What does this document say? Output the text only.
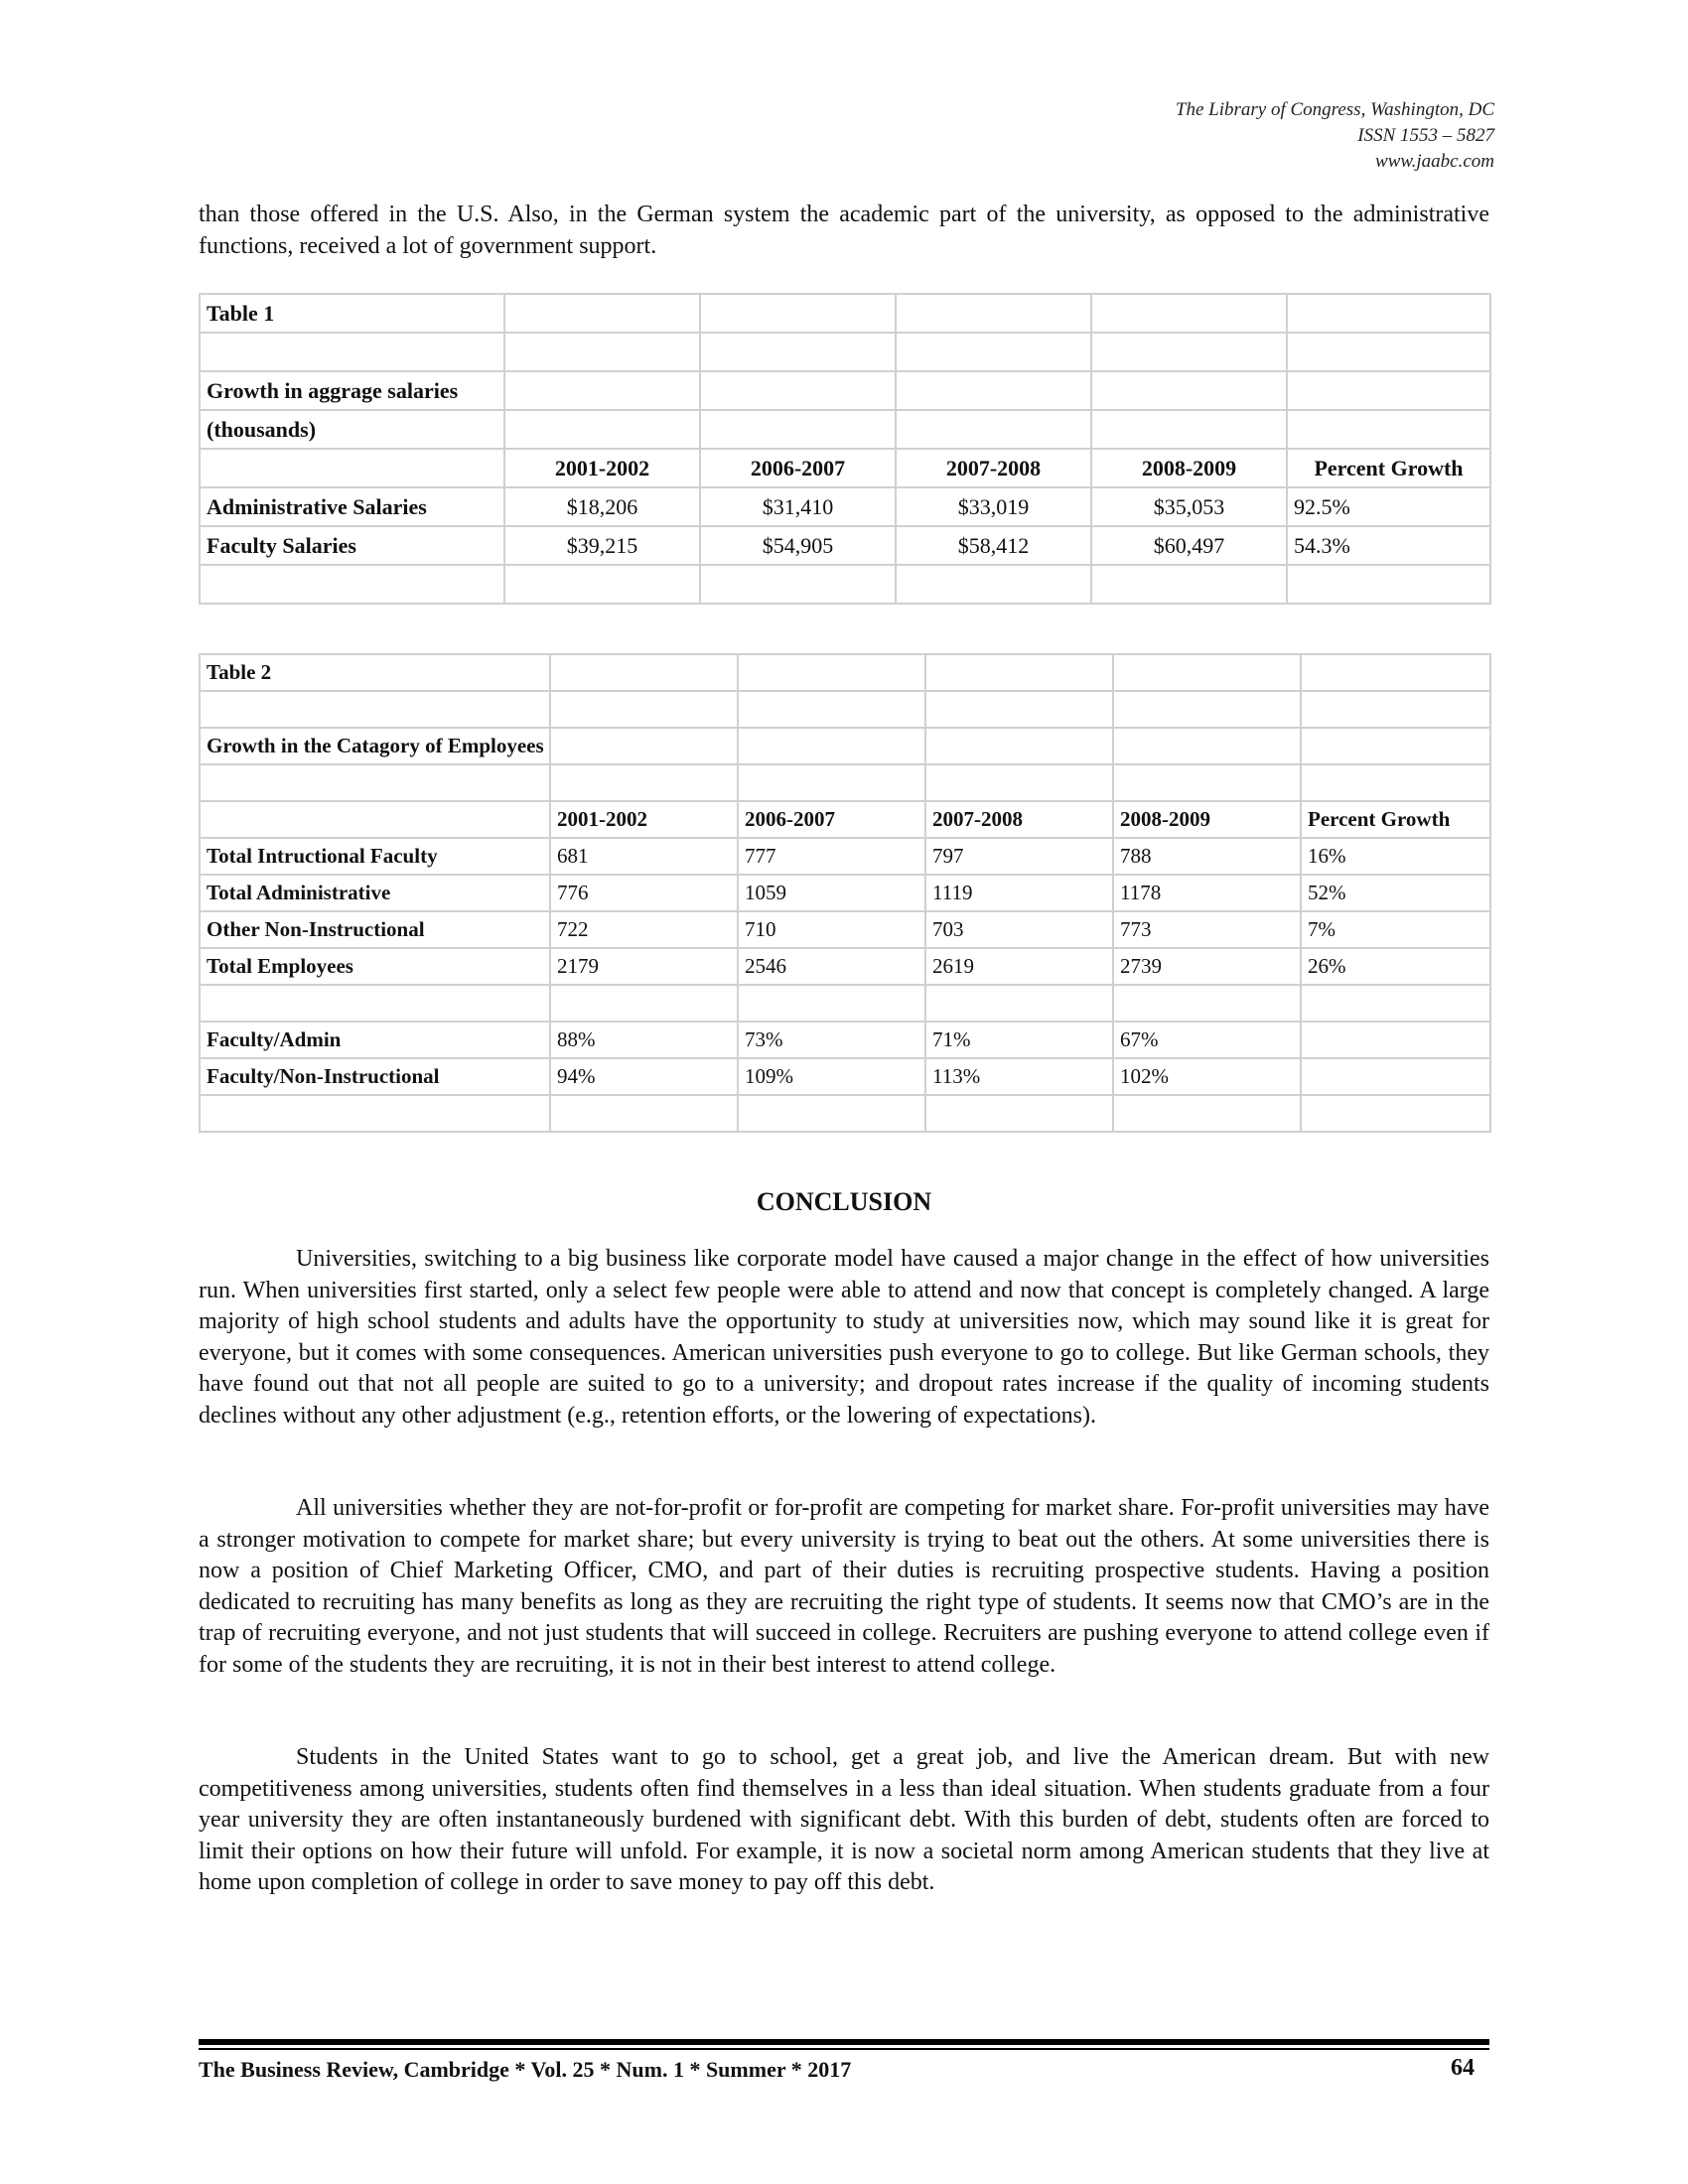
The Library of Congress, Washington, DC
ISSN 1553 – 5827
www.jaabc.com
than those offered in the U.S. Also, in the German system the academic part of the university, as opposed to the administrative functions, received a lot of government support.
Table 1					

Growth in aggrage salaries					
(thousands)					
	2001-2002	2006-2007	2007-2008	2008-2009	Percent Growth
Administrative Salaries	$18,206	$31,410	$33,019	$35,053	92.5%
Faculty Salaries	$39,215	$54,905	$58,412	$60,497	54.3%

Table 2					

Growth in the Catagory of Employees					

	2001-2002	2006-2007	2007-2008	2008-2009	Percent Growth
Total Intructional Faculty	681	777	797	788	16%
Total Administrative	776	1059	1119	1178	52%
Other Non-Instructional	722	710	703	773	7%
Total Employees	2179	2546	2619	2739	26%

Faculty/Admin	88%	73%	71%	67%	
Faculty/Non-Instructional	94%	109%	113%	102%	

CONCLUSION
Universities, switching to a big business like corporate model have caused a major change in the effect of how universities run. When universities first started, only a select few people were able to attend and now that concept is completely changed. A large majority of high school students and adults have the opportunity to study at universities now, which may sound like it is great for everyone, but it comes with some consequences. American universities push everyone to go to college. But like German schools, they have found out that not all people are suited to go to a university; and dropout rates increase if the quality of incoming students declines without any other adjustment (e.g., retention efforts, or the lowering of expectations).
All universities whether they are not-for-profit or for-profit are competing for market share. For-profit universities may have a stronger motivation to compete for market share; but every university is trying to beat out the others. At some universities there is now a position of Chief Marketing Officer, CMO, and part of their duties is recruiting prospective students. Having a position dedicated to recruiting has many benefits as long as they are recruiting the right type of students. It seems now that CMO’s are in the trap of recruiting everyone, and not just students that will succeed in college. Recruiters are pushing everyone to attend college even if for some of the students they are recruiting, it is not in their best interest to attend college.
Students in the United States want to go to school, get a great job, and live the American dream. But with new competitiveness among universities, students often find themselves in a less than ideal situation. When students graduate from a four year university they are often instantaneously burdened with significant debt. With this burden of debt, students often are forced to limit their options on how their future will unfold. For example, it is now a societal norm among American students that they live at home upon completion of college in order to save money to pay off this debt.
The Business Review, Cambridge * Vol. 25 * Num. 1 * Summer * 2017	64
